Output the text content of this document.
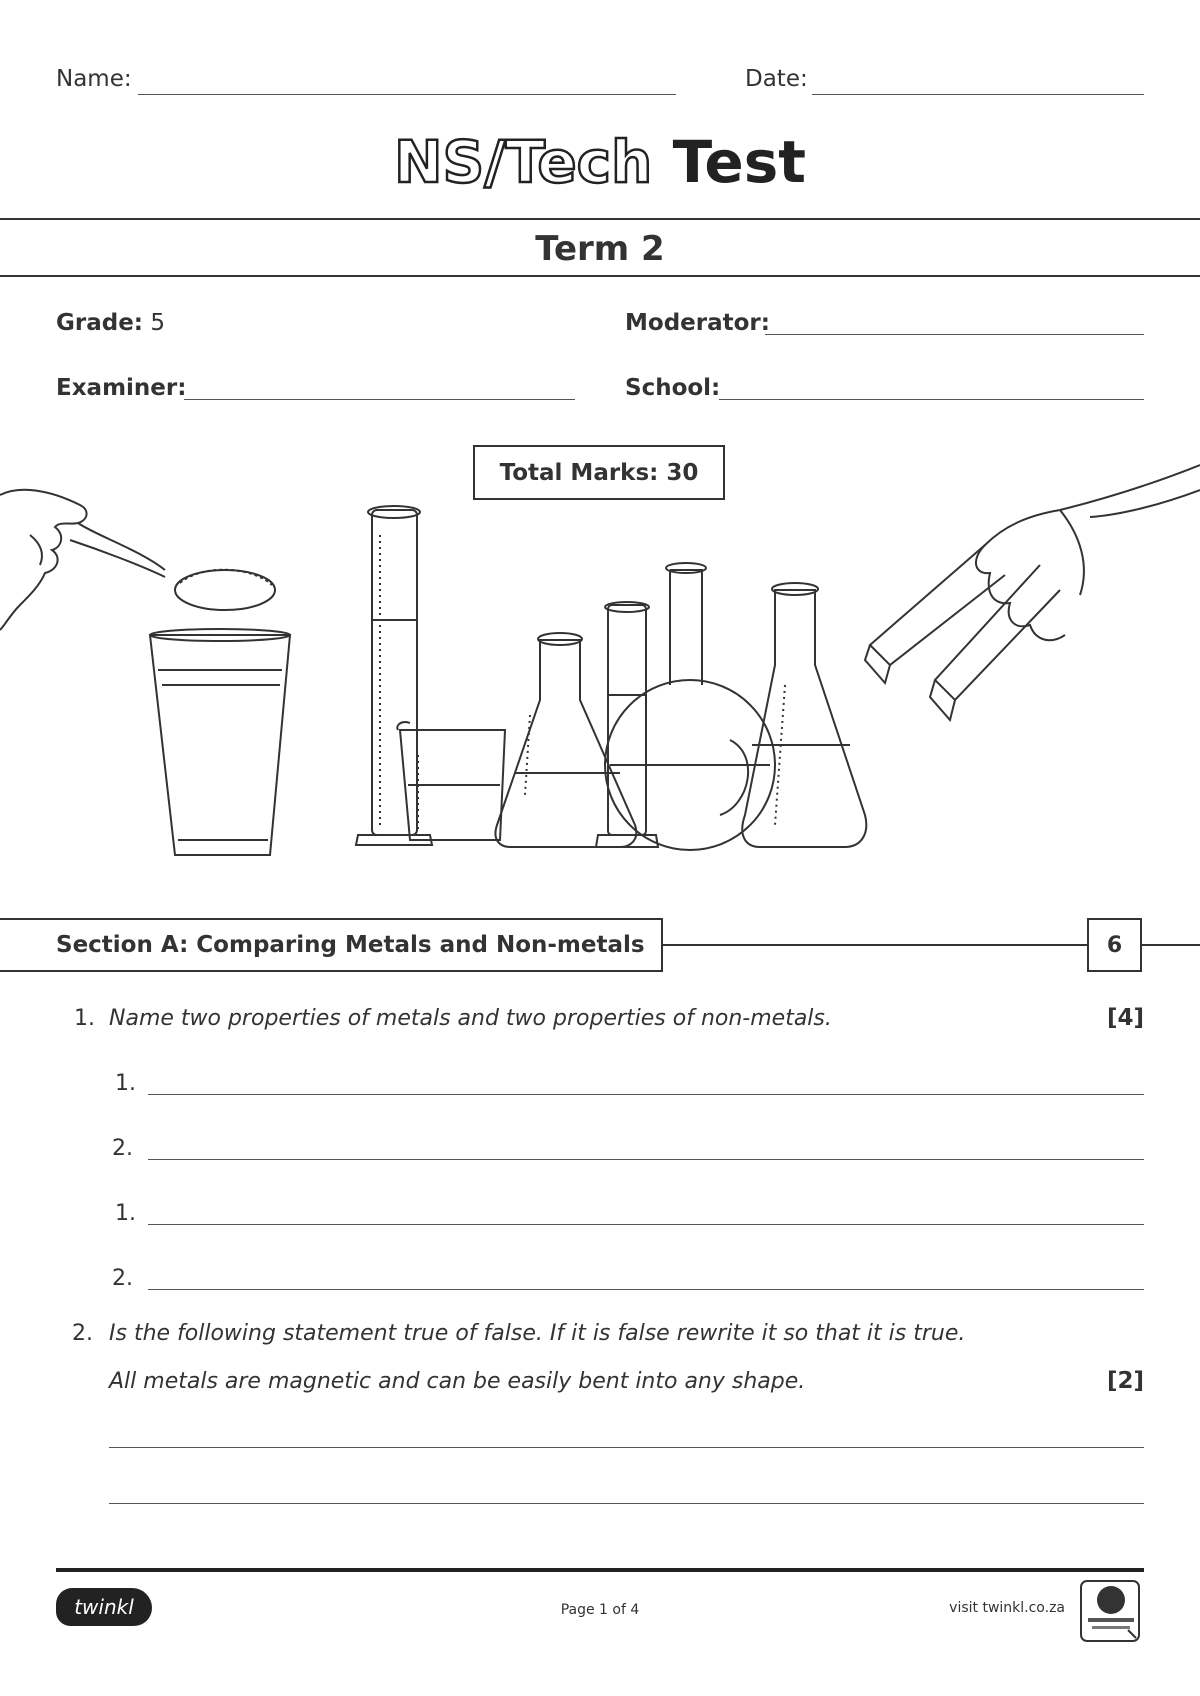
Name:	Date:
NS/Tech Test
Term 2
Grade: 5	Moderator:
Examiner:	School:
Total Marks: 30
Section A: Comparing Metals and Non-metals	6
1. Name two properties of metals and two properties of non-metals.	[4]
1.
2.
1.
2.
2. Is the following statement true of false. If it is false rewrite it so that it is true.
All metals are magnetic and can be easily bent into any shape.	[2]
twinkl	Page 1 of 4	visit twinkl.co.za
